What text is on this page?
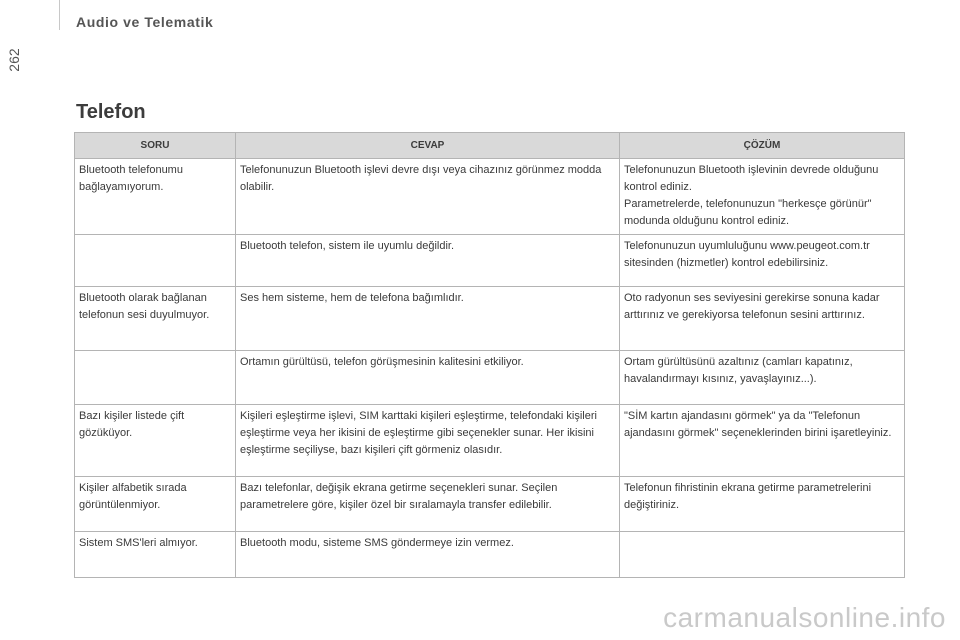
262
Audio ve Telematik
Telefon
SORU	CEVAP	ÇÖZÜM
Bluetooth telefonumu bağlayamıyorum.	Telefonunuzun Bluetooth işlevi devre dışı veya cihazınız görünmez modda olabilir.	Telefonunuzun Bluetooth işlevinin devrede olduğunu kontrol ediniz.
Parametrelerde, telefonunuzun "herkesçe görünür" modunda olduğunu kontrol ediniz.
	Bluetooth telefon, sistem ile uyumlu değildir.	Telefonunuzun uyumluluğunu www.peugeot.com.tr sitesinden (hizmetler) kontrol edebilirsiniz.
Bluetooth olarak bağlanan telefonun sesi duyulmuyor.	Ses hem sisteme, hem de telefona bağımlıdır.	Oto radyonun ses seviyesini gerekirse sonuna kadar arttırınız ve gerekiyorsa telefonun sesini arttırınız.
	Ortamın gürültüsü, telefon görüşmesinin kalitesini etkiliyor.	Ortam gürültüsünü azaltınız (camları kapatınız, havalandırmayı kısınız, yavaşlayınız...).
Bazı kişiler listede çift gözüküyor.	Kişileri eşleştirme işlevi, SIM karttaki kişileri eşleştirme, telefondaki kişileri eşleştirme veya her ikisini de eşleştirme gibi seçenekler sunar. Her ikisini eşleştirme seçiliyse, bazı kişileri çift görmeniz olasıdır.	"SİM kartın ajandasını görmek" ya da "Telefonun ajandasını görmek" seçeneklerinden birini işaretleyiniz.
Kişiler alfabetik sırada görüntülenmiyor.	Bazı telefonlar, değişik ekrana getirme seçenekleri sunar. Seçilen parametrelere göre, kişiler özel bir sıralamayla transfer edilebilir.	Telefonun fihristinin ekrana getirme parametrelerini değiştiriniz.
Sistem SMS'leri almıyor.	Bluetooth modu, sisteme SMS göndermeye izin vermez.	
carmanualsonline.info
